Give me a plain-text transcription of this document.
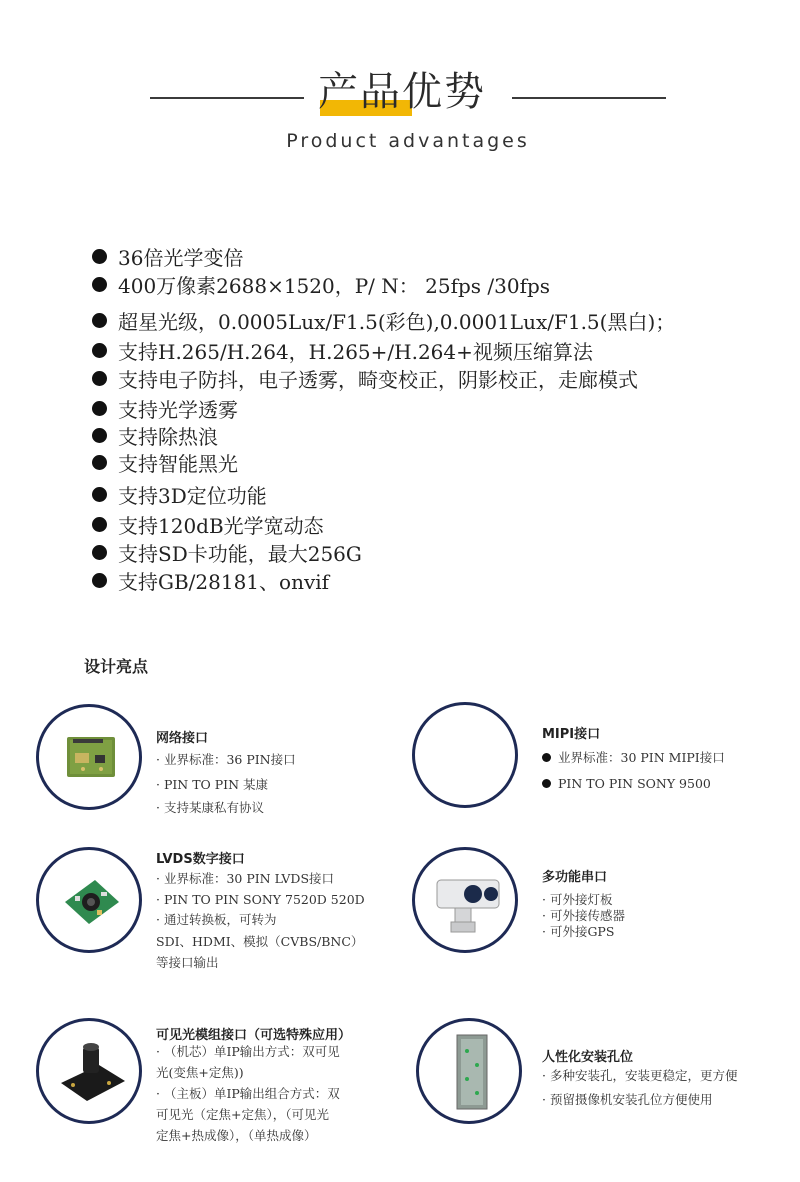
产品优势
Product advantages
36倍光学变倍
400万像素2688×1520，P/ N： 25fps /30fps
超星光级，0.0005Lux/F1.5(彩色),0.0001Lux/F1.5(黑白)；
支持H.265/H.264，H.265+/H.264+视频压缩算法
支持电子防抖，电子透雾，畸变校正，阴影校正，走廊模式
支持光学透雾
支持除热浪
支持智能黑光
支持3D定位功能
支持120dB光学宽动态
支持SD卡功能，最大256G
支持GB/28181、onvif
设计亮点
网络接口
· 业界标准：36 PIN接口
· PIN TO PIN 某康
· 支持某康私有协议
MIPI接口
业界标准：30 PIN MIPI接口
PIN TO PIN SONY 9500
LVDS数字接口
· 业界标准：30 PIN LVDS接口
· PIN TO PIN SONY 7520D 520D
· 通过转换板，可转为
SDI、HDMI、模拟（CVBS/BNC）
等接口输出
多功能串口
· 可外接灯板
· 可外接传感器
· 可外接GPS
可见光模组接口（可选特殊应用）
· （机芯）单IP输出方式：双可见
光(变焦+定焦))
· （主板）单IP输出组合方式：双
可见光（定焦+定焦），（可见光
定焦+热成像），（单热成像）
人性化安装孔位
· 多种安装孔，安装更稳定，更方便
· 预留摄像机安装孔位方便使用
